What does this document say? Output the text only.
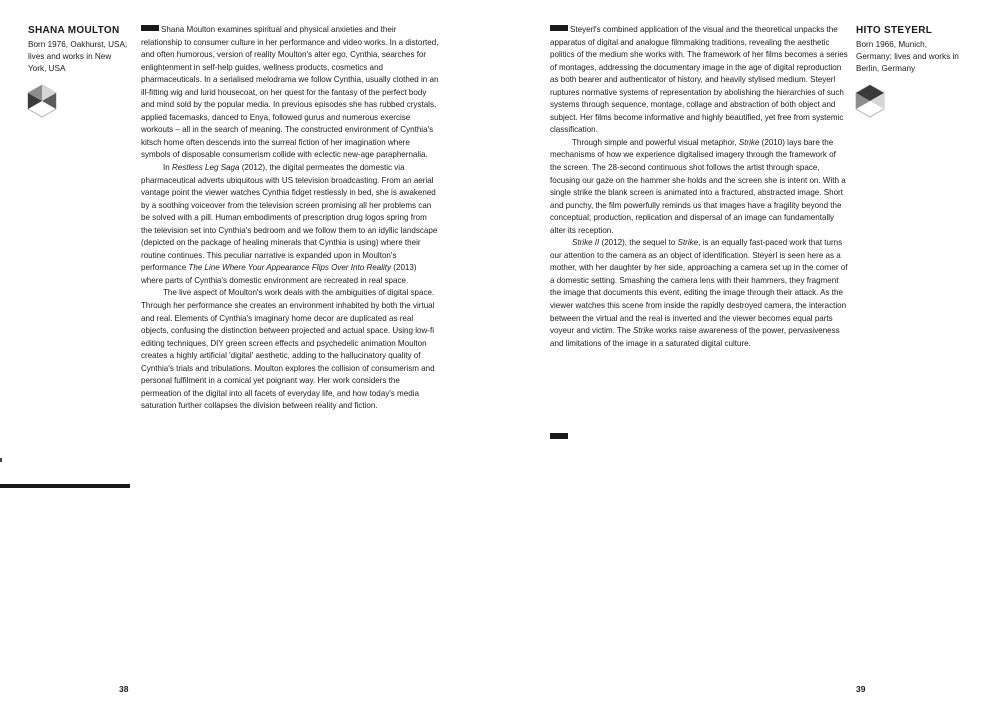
SHANA MOULTON

Born 1976, Oakhurst, USA; lives and works in New York, USA

Shana Moulton examines spiritual and physical anxieties and their relationship to consumer culture in her performance and video works. In a distorted, and often humorous, version of reality Moulton's alter ego, Cynthia, searches for enlightenment in self-help guides, wellness products, cosmetics and pharmaceuticals. In a serialised melodrama we follow Cynthia, usually clothed in an ill-fitting wig and lurid housecoat, on her quest for the fantasy of the perfect body and mind sold by the popular media. In previous episodes she has rubbed crystals, applied facemasks, danced to Enya, followed gurus and numerous exercise workouts – all in the search of meaning. The constructed environment of Cynthia's kitsch home often descends into the surreal fiction of her imagination where symbols of disposable consumerism collide with eclectic new-age paraphernalia.

In Restless Leg Saga (2012), the digital permeates the domestic via pharmaceutical adverts ubiquitous with US television broadcasting. From an aerial vantage point the viewer watches Cynthia fidget restlessly in bed, she is awakened by a soothing voiceover from the television screen promising all her problems can be solved with a pill. Human embodiments of prescription drug logos spring from the television set into Cynthia's bedroom and we follow them to an idyllic landscape (depicted on the package of healing minerals that Cynthia is using) where their routine continues. This peculiar narrative is expanded upon in Moulton's performance The Line Where Your Appearance Flips Over Into Reality (2013) where parts of Cynthia's domestic environment are recreated in real space.

The live aspect of Moulton's work deals with the ambiguities of digital space. Through her performance she creates an environment inhabited by both the virtual and real. Elements of Cynthia's imaginary home decor are duplicated as real objects, confusing the distinction between projected and actual space. Using low-fi editing techniques, DIY green screen effects and psychedelic animation Moulton creates a highly artificial 'digital' aesthetic, adding to the hallucinatory quality of Cynthia's trials and tribulations. Moulton explores the collision of consumerism and personal fulfilment in a comical yet poignant way. Her work considers the permeation of the digital into all facets of everyday life, and how today's media saturation further collapses the division between reality and fiction.

38

Steyerl's combined application of the visual and the theoretical unpacks the apparatus of digital and analogue filmmaking traditions, revealing the aesthetic politics of the medium she works with. The framework of her films becomes a series of montages, addressing the documentary image in the age of digital reproduction as both bearer and authenticator of history, and heavily stylised medium. Steyerl ruptures normative systems of representation by abolishing the hierarchies of such systems through sequence, montage, collage and abstraction of both object and subject. Her films become informative and highly beautified, yet free from systemic classification.

Through simple and powerful visual metaphor, Strike (2010) lays bare the mechanisms of how we experience digitalised imagery through the framework of the screen. The 28-second continuous shot follows the artist through space, focusing our gaze on the hammer she holds and the screen she is intent on. With a single strike the blank screen is animated into a fractured, abstracted image. Short and punchy, the film powerfully reminds us that images have a fragility beyond the conceptual; production, replication and dispersal of an image can fundamentally alter its reception.

Strike II (2012), the sequel to Strike, is an equally fast-paced work that turns our attention to the camera as an object of identification. Steyerl is seen here as a mother, with her daughter by her side, approaching a camera set up in the corner of a domestic setting. Smashing the camera lens with their hammers, they fragment the image that documents this event, editing the image through their attack. As the viewer watches this scene from inside the rapidly destroyed camera, the interaction between the virtual and the real is inverted and the viewer becomes equal parts voyeur and victim. The Strike works raise awareness of the power, pervasiveness and limitations of the image in a saturated digital culture.

HITO STEYERL

Born 1966, Munich, Germany; lives and works in Berlin, Germany

39
